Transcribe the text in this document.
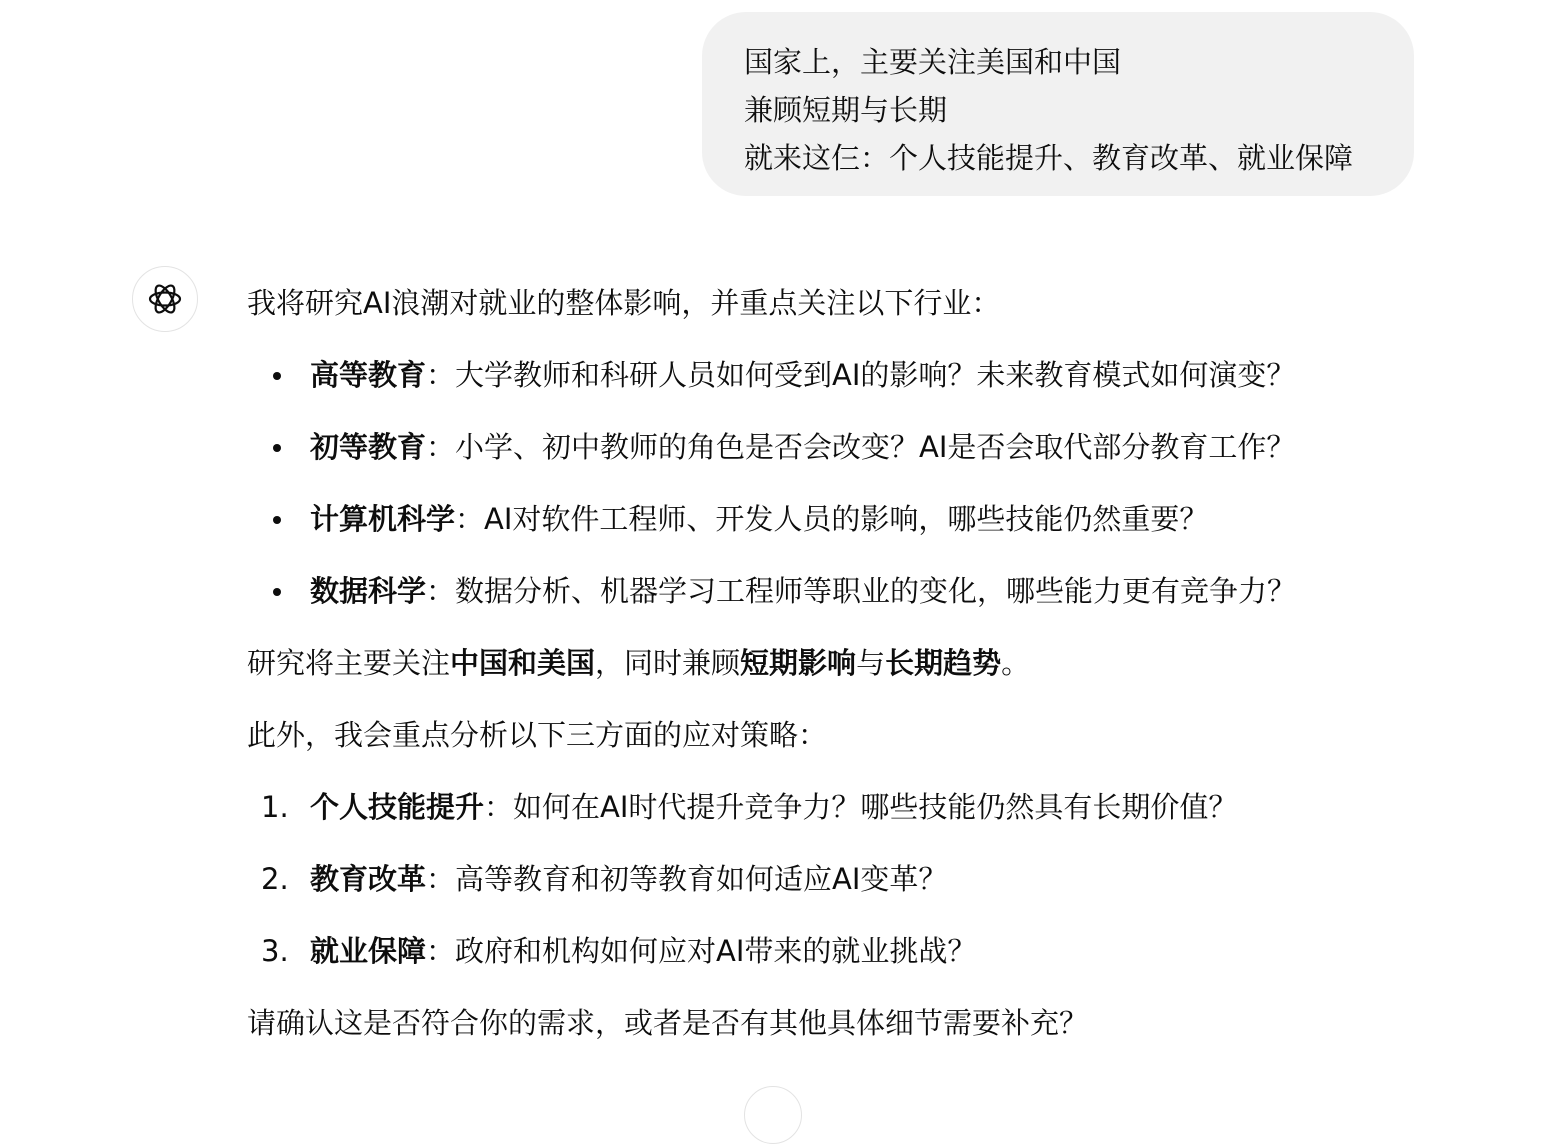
国家上，主要关注美国和中国
兼顾短期与长期
就来这仨：个人技能提升、教育改革、就业保障

我将研究AI浪潮对就业的整体影响，并重点关注以下行业：

高等教育：大学教师和科研人员如何受到AI的影响？未来教育模式如何演变？
初等教育：小学、初中教师的角色是否会改变？AI是否会取代部分教育工作？
计算机科学：AI对软件工程师、开发人员的影响，哪些技能仍然重要？
数据科学：数据分析、机器学习工程师等职业的变化，哪些能力更有竞争力？

研究将主要关注中国和美国，同时兼顾短期影响与长期趋势。

此外，我会重点分析以下三方面的应对策略：

1. 个人技能提升：如何在AI时代提升竞争力？哪些技能仍然具有长期价值？
2. 教育改革：高等教育和初等教育如何适应AI变革？
3. 就业保障：政府和机构如何应对AI带来的就业挑战？

请确认这是否符合你的需求，或者是否有其他具体细节需要补充？
